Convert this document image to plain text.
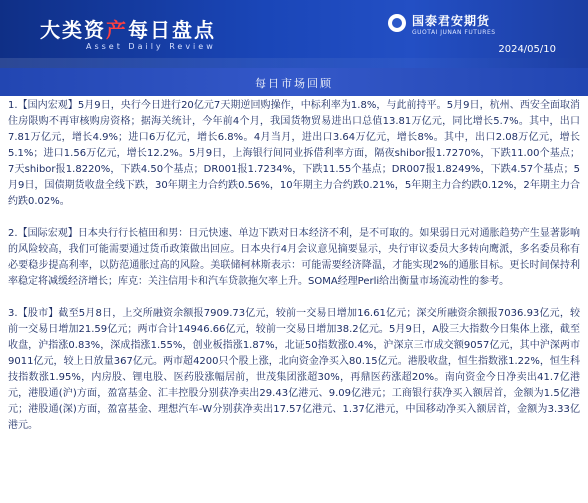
大类资产每日盘点
Asset Daily Review
国泰君安期货
GUOTAI JUNAN FUTURES
2024/05/10
每日市场回顾

1.【国内宏观】5月9日，央行今日进行20亿元7天期逆回购操作，中标利率为1.8%，与此前持平。5月9日，杭州、西安全面取消住房限购不再审核购房资格；据海关统计，今年前4个月，我国货物贸易进出口总值13.81万亿元，同比增长5.7%。其中，出口7.81万亿元，增长4.9%；进口6万亿元，增长6.8%。4月当月，进出口3.64万亿元，增长8%。其中，出口2.08万亿元，增长5.1%；进口1.56万亿元，增长12.2%。5月9日，上海银行间同业拆借利率方面，隔夜shibor报1.7270%，下跌11.00个基点；7天shibor报1.8220%，下跌4.50个基点；DR001报1.7234%，下跌11.55个基点；DR007报1.8249%，下跌4.57个基点；5月9日，国债期货收盘全线下跌，30年期主力合约跌0.56%，10年期主力合约跌0.21%，5年期主力合约跌0.12%，2年期主力合约跌0.02%。

2.【国际宏观】日本央行行长植田和男：日元快速、单边下跌对日本经济不利，是不可取的。如果弱日元对通胀趋势产生显著影响的风险较高，我们可能需要通过货币政策做出回应。日本央行4月会议意见摘要显示，央行审议委员大多转向鹰派，多名委员称有必要稳步提高利率，以防范通胀过高的风险。美联储柯林斯表示：可能需要经济降温，才能实现2%的通胀目标。更长时间保持利率稳定将减缓经济增长；库克：关注信用卡和汽车贷款拖欠率上升。SOMA经理Perli给出衡量市场流动性的参考。

3.【股市】截至5月8日，上交所融资余额报7909.73亿元，较前一交易日增加16.61亿元；深交所融资余额报7036.93亿元，较前一交易日增加21.59亿元；两市合计14946.66亿元，较前一交易日增加38.2亿元。5月9日，A股三大指数今日集体上涨，截至收盘，沪指涨0.83%，深成指涨1.55%，创业板指涨1.87%，北证50指数涨0.4%，沪深京三市成交额9057亿元，其中沪深两市9011亿元，较上日放量367亿元。两市超4200只个股上涨，北向资金净买入80.15亿元。港股收盘，恒生指数涨1.22%，恒生科技指数涨1.95%，内房股、锂电股、医药股涨幅居前，世茂集团涨超30%，再鼎医药涨超20%。南向资金今日净卖出41.7亿港元，港股通(沪)方面，盈富基金、汇丰控股分别获净卖出29.43亿港元、9.09亿港元；工商银行获净买入额居首，金额为1.5亿港元；港股通(深)方面，盈富基金、理想汽车-W分别获净卖出17.57亿港元、1.37亿港元，中国移动净买入额居首，金额为3.33亿港元。
